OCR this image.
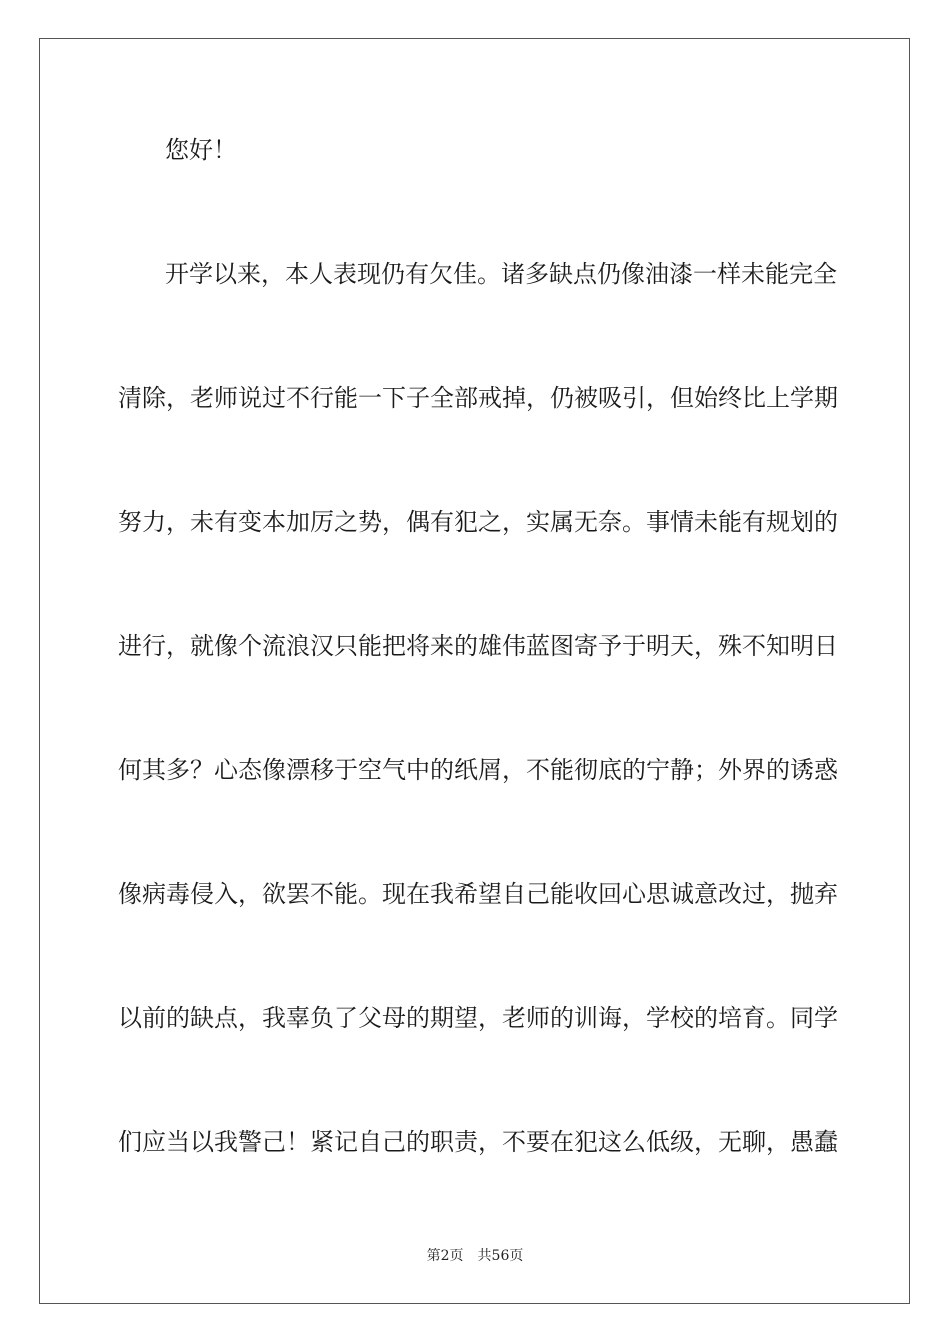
您好！
开学以来，本人表现仍有欠佳。诸多缺点仍像油漆一样未能完全
清除，老师说过不行能一下子全部戒掉，仍被吸引，但始终比上学期
努力，未有变本加厉之势，偶有犯之，实属无奈。事情未能有规划的
进行，就像个流浪汉只能把将来的雄伟蓝图寄予于明天，殊不知明日
何其多？心态像漂移于空气中的纸屑，不能彻底的宁静；外界的诱惑
像病毒侵入，欲罢不能。现在我希望自己能收回心思诚意改过，抛弃
以前的缺点，我辜负了父母的期望，老师的训诲，学校的培育。同学
们应当以我警己！紧记自己的职责，不要在犯这么低级，无聊，愚蠢
第2页 共56页
